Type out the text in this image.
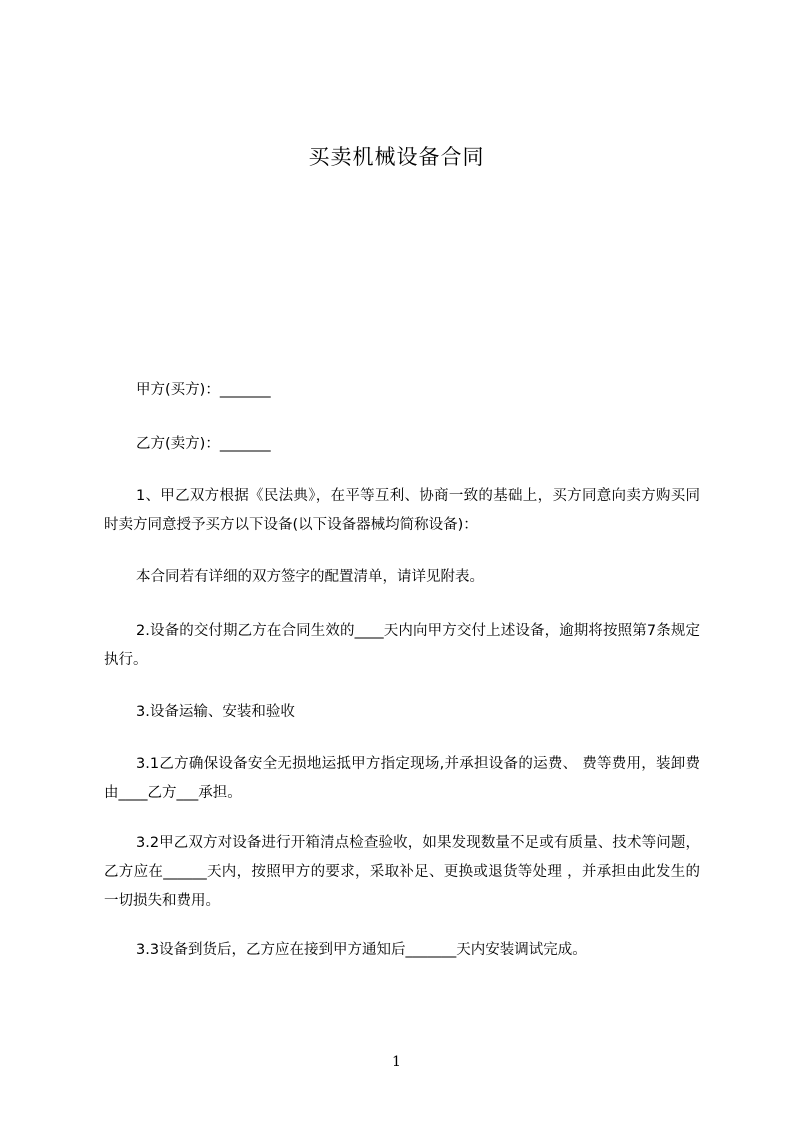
买卖机械设备合同
甲方(买方)：_______
乙方(卖方)：_______
1、甲乙双方根据《民法典》，在平等互利、协商一致的基础上，买方同意向卖方购买同时卖方同意授予买方以下设备(以下设备器械均简称设备)：
本合同若有详细的双方签字的配置清单，请详见附表。
2.设备的交付期乙方在合同生效的____天内向甲方交付上述设备，逾期将按照第7条规定执行。
3.设备运输、安装和验收
3.1乙方确保设备安全无损地运抵甲方指定现场,并承担设备的运费、 费等费用，装卸费由____乙方___承担。
3.2甲乙双方对设备进行开箱清点检查验收，如果发现数量不足或有质量、技术等问题，乙方应在______天内，按照甲方的要求，采取补足、更换或退货等处理 ，并承担由此发生的一切损失和费用。
3.3设备到货后，乙方应在接到甲方通知后_______天内安装调试完成。
1
